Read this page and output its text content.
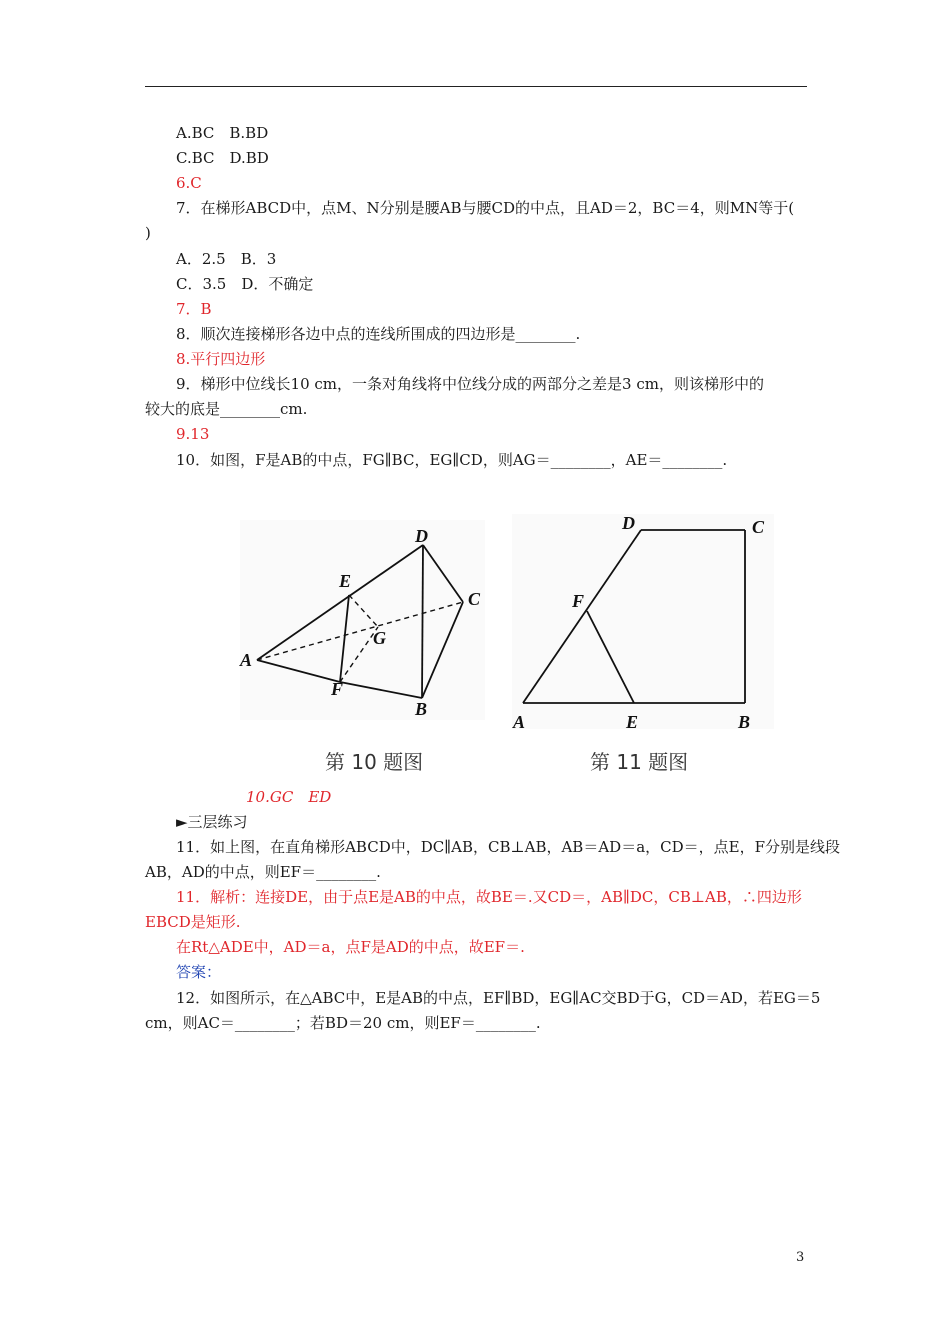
A.BC　B.BD
C.BC　D.BD
6.C
7．在梯形ABCD中，点M、N分别是腰AB与腰CD的中点，且AD＝2，BC＝4，则MN等于(
)
A．2.5　B．3
C．3.5　D．不确定
7．B
8．顺次连接梯形各边中点的连线所围成的四边形是________.
8.平行四边形
9．梯形中位线长10 cm，一条对角线将中位线分成的两部分之差是3 cm，则该梯形中的
较大的底是________cm.
9.13
10．如图，F是AB的中点，FG∥BC，EG∥CD，则AG＝________，AE＝________.
A
B
C
D
E
F
G
第 10 题图
A	E	B
D	C
F
第 11 题图
10.GC　ED
►三层练习
11．如上图，在直角梯形ABCD中，DC∥AB，CB⊥AB，AB＝AD＝a，CD＝，点E，F分别是线段
AB，AD的中点，则EF＝________.
11．解析：连接DE，由于点E是AB的中点，故BE＝.又CD＝，AB∥DC，CB⊥AB，∴四边形
EBCD是矩形.
在Rt△ADE中，AD＝a，点F是AD的中点，故EF＝.
答案：
12．如图所示，在△ABC中，E是AB的中点，EF∥BD，EG∥AC交BD于G，CD＝AD，若EG＝5
cm，则AC＝________；若BD＝20 cm，则EF＝________.
3
